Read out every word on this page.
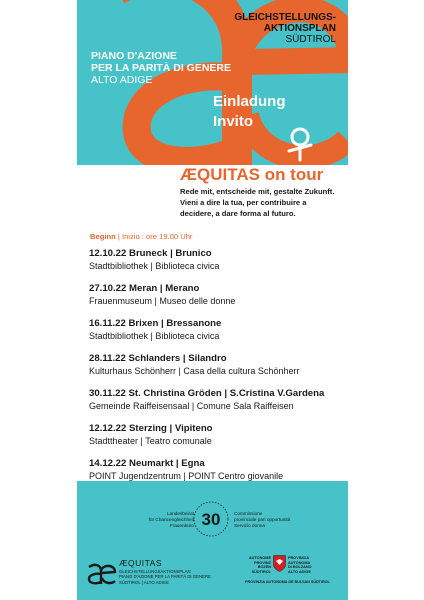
GLEICHSTELLUNGS-
AKTIONSPLAN
SÜDTIROL
PIANO D'AZIONE
PER LA PARITÀ DI GENERE
ALTO ADIGE
Einladung
Invito
ÆQUITAS on tour
Rede mit, entscheide mit, gestalte Zukunft.
Vieni a dire la tua, per contribuire a
decidere, a dare forma al futuro.
Beginn | Inizio : ore 19.00 Uhr
12.10.22 Bruneck | Brunico
Stadtbibliothek | Biblioteca civica
27.10.22 Meran | Merano
Frauenmuseum | Museo delle donne
16.11.22 Brixen | Bressanone
Stadtbibliothek | Biblioteca civica
28.11.22 Schlanders | Silandro
Kulturhaus Schönherr | Casa della cultura Schönherr
30.11.22 St. Christina Gröden | S.Cristina V.Gardena
Gemeinde Raiffeisensaal | Comune Sala Raiffeisen
12.12.22 Sterzing | Vipiteno
Stadttheater | Teatro comunale
14.12.22 Neumarkt | Egna
POINT Jugendzentrum | POINT Centro giovanile
Landesbeirat
für Chancengleichheit
Frauenbüro 30	Commissione
provinciale pari opportunità
Servizio donna
ÆQUITAS
GLEICHSTELLUNGSAKTIONSPLAN
PIANO D'AZIONE PER LA PARITÀ DI GENERE
SÜDTIROL | ALTO ADIGE
AUTONOME
PROVINZ
BOZEN
SÜDTIROL
PROVINCIA
AUTONOMA
DI BOLZANO
ALTO ADIGE
PROVINZIA AUTONOMA DE BULSAN SÜDTIROL
